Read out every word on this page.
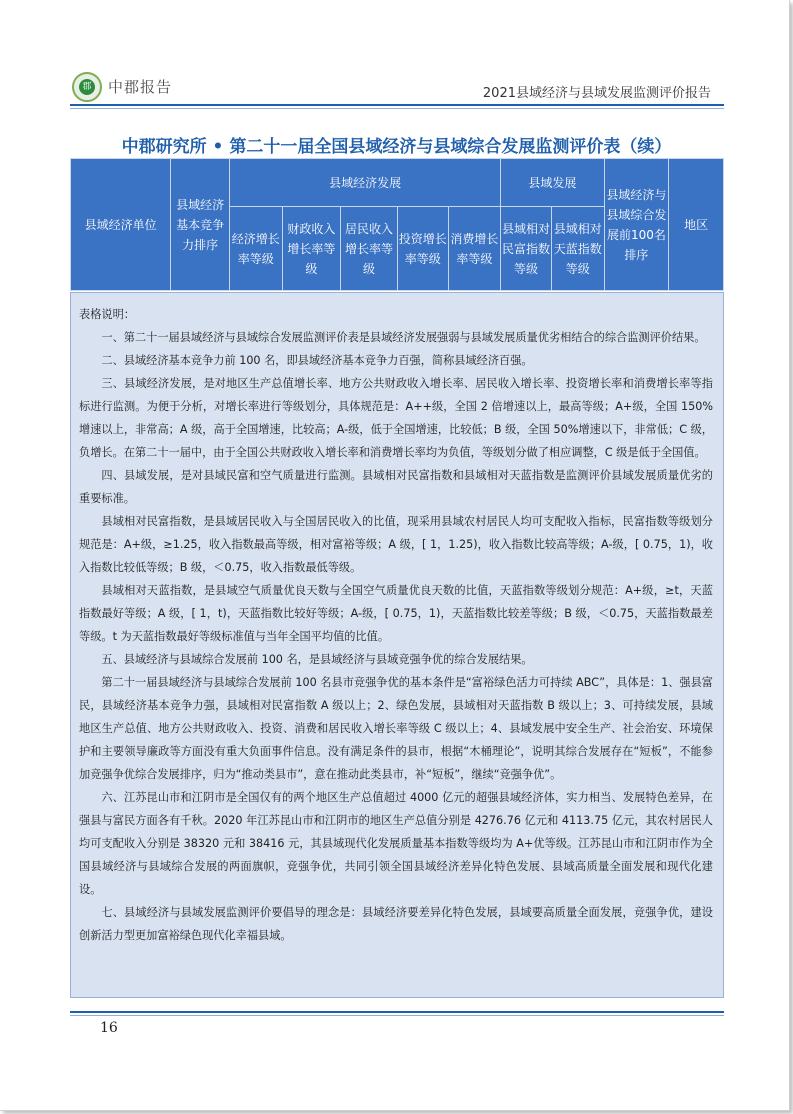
郡 中郡报告	2021县域经济与县域发展监测评价报告
中郡研究所 • 第二十一届全国县域经济与县域综合发展监测评价表（续）
县域经济单位	县域经济基本竞争力排序	县域经济发展					县域发展		县域经济与县域综合发展前100名排序	地区
		经济增长率等级	财政收入增长率等级	居民收入增长率等级	投资增长率等级	消费增长率等级	县域相对民富指数等级	县域相对天蓝指数等级		

表格说明：

一、第二十一届县域经济与县域综合发展监测评价表是县域经济发展强弱与县域发展质量优劣相结合的综合监测评价结果。

二、县域经济基本竞争力前 100 名，即县域经济基本竞争力百强，简称县域经济百强。

三、县域经济发展，是对地区生产总值增长率、地方公共财政收入增长率、居民收入增长率、投资增长率和消费增长率等指标进行监测。为便于分析，对增长率进行等级划分，具体规范是：A++级，全国 2 倍增速以上，最高等级；A+级，全国 150%增速以上，非常高；A 级，高于全国增速，比较高；A-级，低于全国增速，比较低；B 级，全国 50%增速以下，非常低；C 级，负增长。在第二十一届中，由于全国公共财政收入增长率和消费增长率均为负值，等级划分做了相应调整，C 级是低于全国值。

四、县域发展，是对县域民富和空气质量进行监测。县域相对民富指数和县域相对天蓝指数是监测评价县域发展质量优劣的重要标准。

县域相对民富指数，是县域居民收入与全国居民收入的比值，现采用县域农村居民人均可支配收入指标，民富指数等级划分规范是：A+级，≥1.25，收入指数最高等级，相对富裕等级；A 级，[ 1，1.25)，收入指数比较高等级；A-级，[ 0.75，1)，收入指数比较低等级；B 级，＜0.75，收入指数最低等级。

县域相对天蓝指数，是县域空气质量优良天数与全国空气质量优良天数的比值，天蓝指数等级划分规范：A+级，≥t，天蓝指数最好等级；A 级，[ 1，t)，天蓝指数比较好等级；A-级，[ 0.75，1)，天蓝指数比较差等级；B 级，＜0.75，天蓝指数最差等级。t 为天蓝指数最好等级标准值与当年全国平均值的比值。

五、县域经济与县域综合发展前 100 名，是县域经济与县域竞强争优的综合发展结果。

第二十一届县域经济与县域综合发展前 100 名县市竞强争优的基本条件是“富裕绿色活力可持续 ABC”，具体是：1、强县富民，县域经济基本竞争力强，县域相对民富指数 A 级以上；2、绿色发展，县域相对天蓝指数 B 级以上；3、可持续发展，县域地区生产总值、地方公共财政收入、投资、消费和居民收入增长率等级 C 级以上；4、县域发展中安全生产、社会治安、环境保护和主要领导廉政等方面没有重大负面事件信息。没有满足条件的县市，根据“木桶理论”，说明其综合发展存在“短板”，不能参加竞强争优综合发展排序，归为“推动类县市”，意在推动此类县市，补“短板”，继续“竞强争优”。

六、江苏昆山市和江阴市是全国仅有的两个地区生产总值超过 4000 亿元的超强县域经济体，实力相当、发展特色差异，在强县与富民方面各有千秋。2020 年江苏昆山市和江阴市的地区生产总值分别是 4276.76 亿元和 4113.75 亿元，其农村居民人均可支配收入分别是 38320 元和 38416 元，其县域现代化发展质量基本指数等级均为 A+优等级。江苏昆山市和江阴市作为全国县域经济与县域综合发展的两面旗帜，竞强争优，共同引领全国县域经济差异化特色发展、县域高质量全面发展和现代化建设。

七、县域经济与县域发展监测评价要倡导的理念是：县域经济要差异化特色发展，县域要高质量全面发展，竞强争优，建设创新活力型更加富裕绿色现代化幸福县域。

16
